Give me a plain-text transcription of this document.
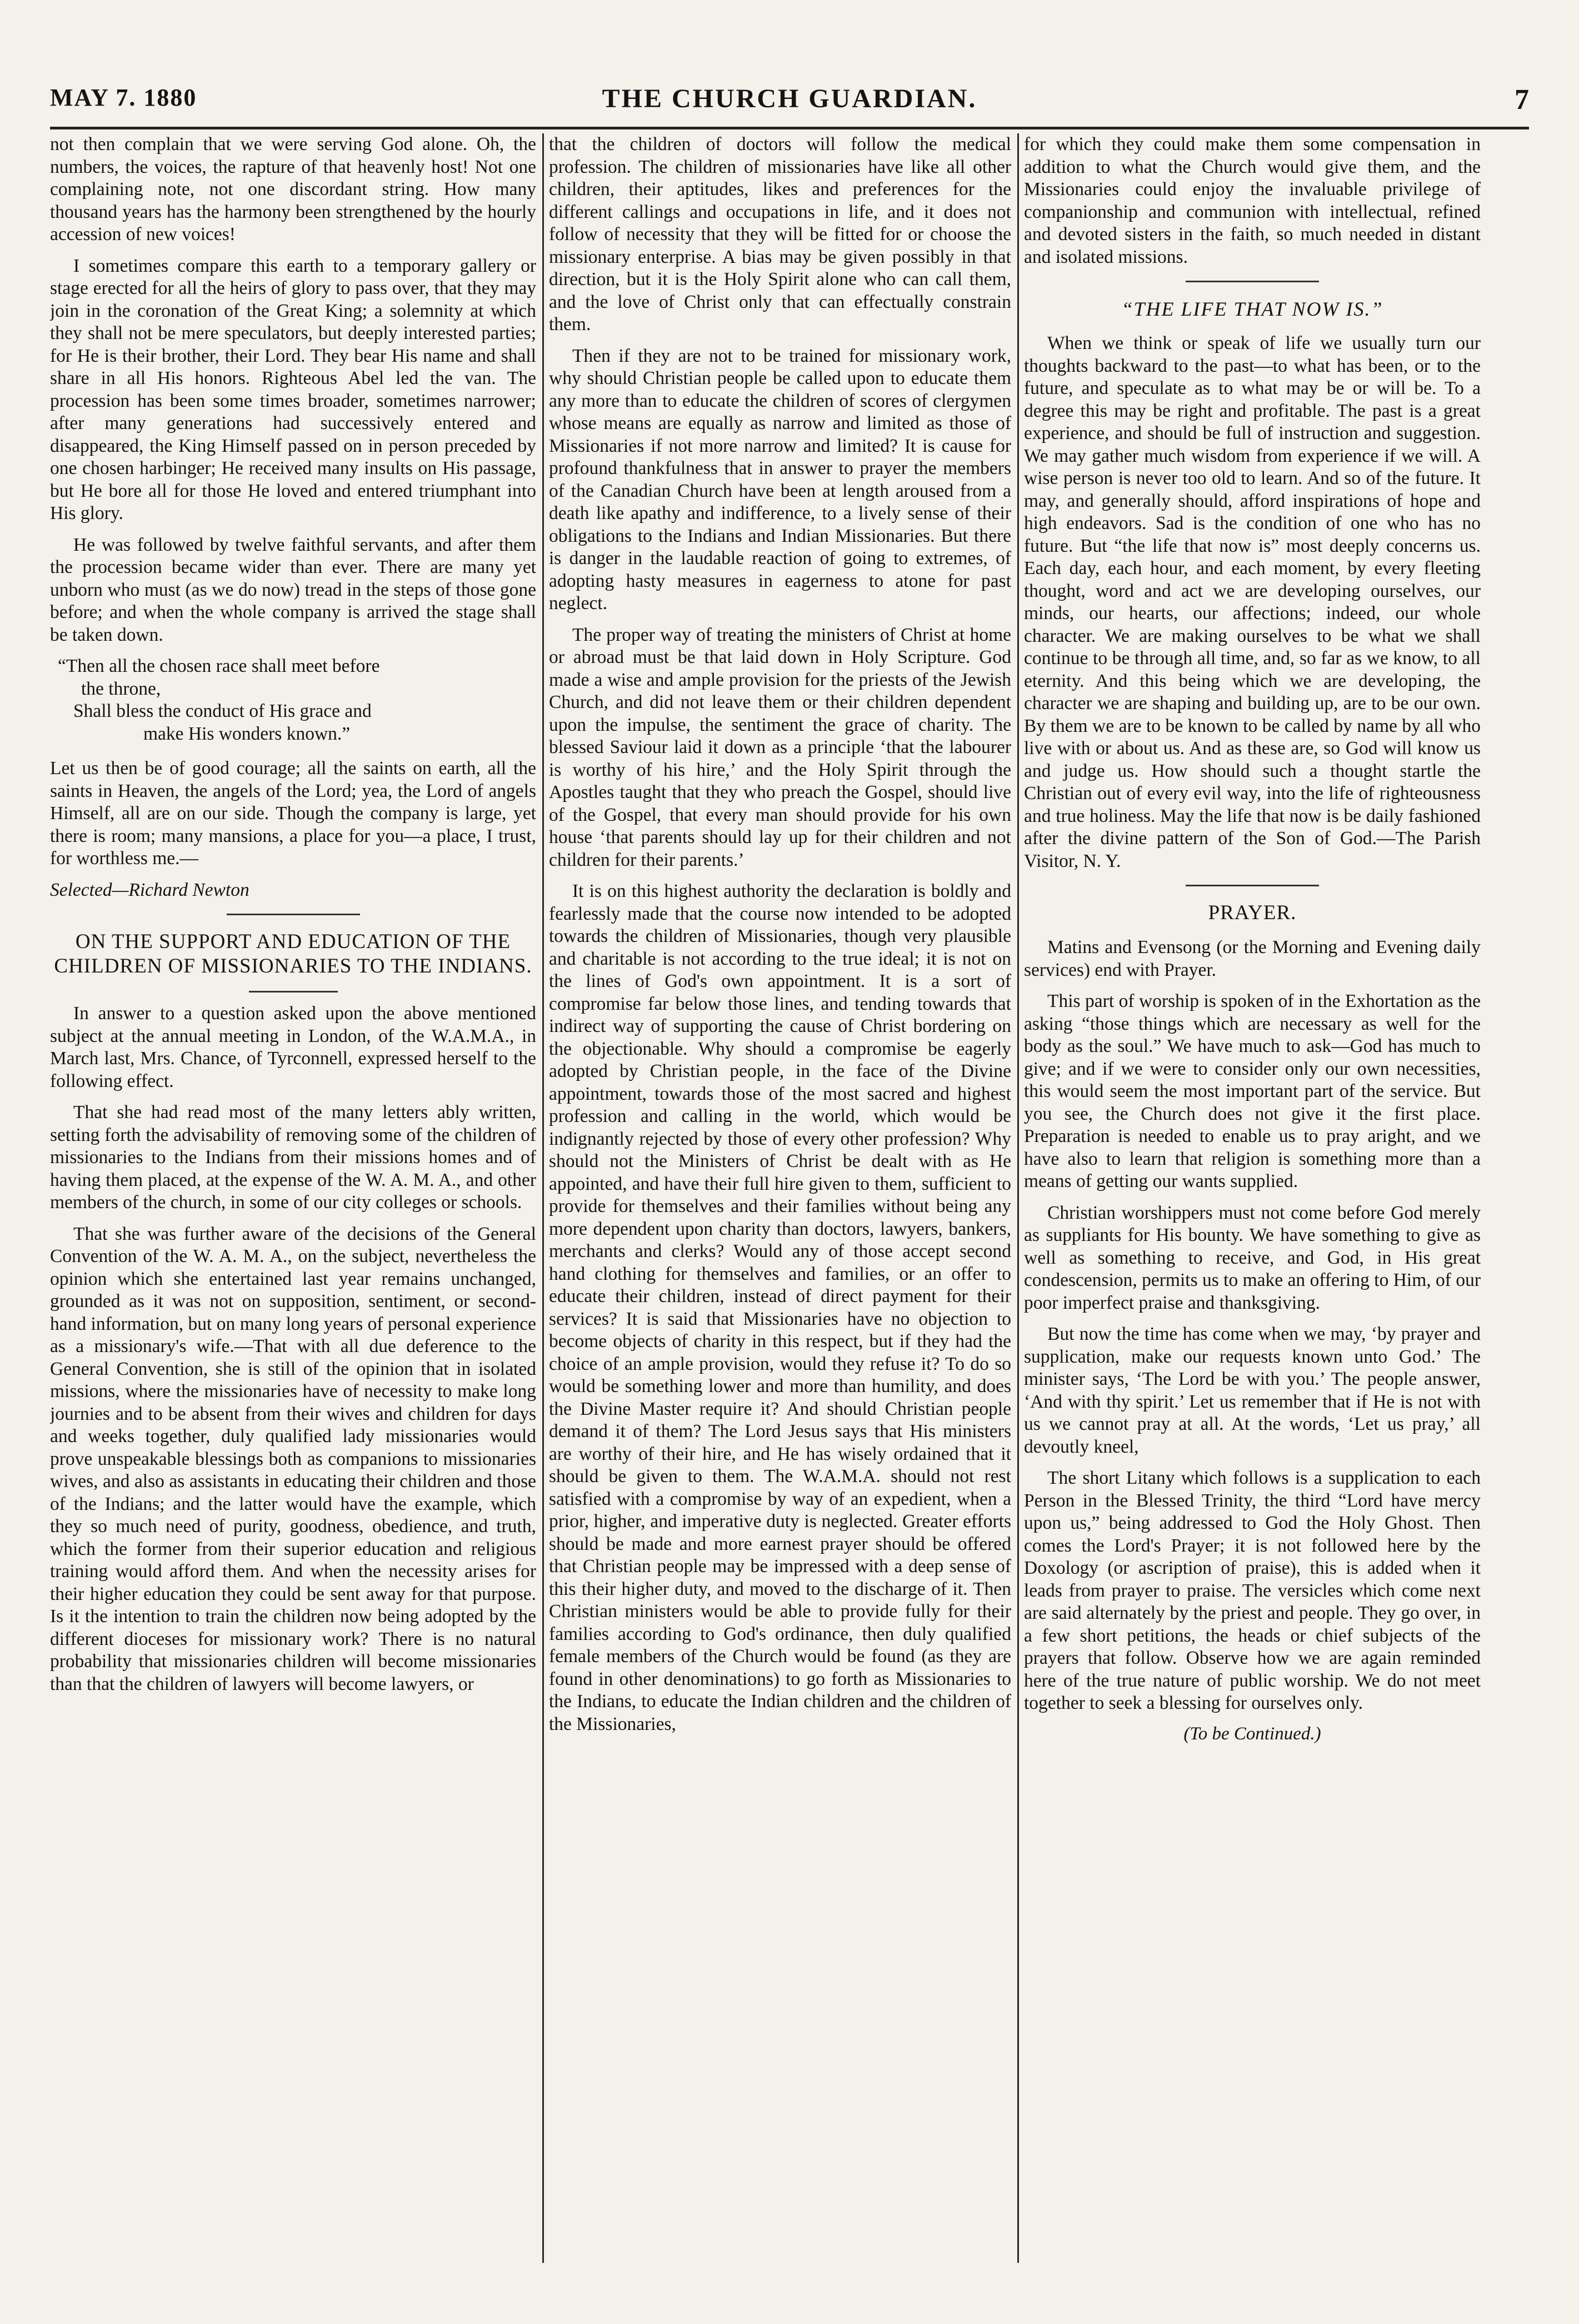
MAY 7. 1880	THE CHURCH GUARDIAN.	7

not then complain that we were serving God alone. Oh, the numbers, the voices, the rapture of that heavenly host! Not one complaining note, not one discordant string. How many thousand years has the harmony been strengthened by the hourly accession of new voices!

I sometimes compare this earth to a temporary gallery or stage erected for all the heirs of glory to pass over, that they may join in the coronation of the Great King; a solemnity at which they shall not be mere speculators, but deeply interested parties; for He is their brother, their Lord. They bear His name and shall share in all His honors. Righteous Abel led the van. The procession has been some times broader, sometimes narrower; after many generations had successively entered and disappeared, the King Himself passed on in person preceded by one chosen harbinger; He received many insults on His passage, but He bore all for those He loved and entered triumphant into His glory.

He was followed by twelve faithful servants, and after them the procession became wider than ever. There are many yet unborn who must (as we do now) tread in the steps of those gone before; and when the whole company is arrived the stage shall be taken down.

“Then all the chosen race shall meet before
the throne,
Shall bless the conduct of His grace and
make His wonders known.”

Let us then be of good courage; all the saints on earth, all the saints in Heaven, the angels of the Lord; yea, the Lord of angels Himself, all are on our side. Though the company is large, yet there is room; many mansions, a place for you—a place, I trust, for worthless me.—

Selected—Richard Newton

ON THE SUPPORT AND EDUCATION OF THE CHILDREN OF MISSIONARIES TO THE INDIANS.

In answer to a question asked upon the above mentioned subject at the annual meeting in London, of the W.A.M.A., in March last, Mrs. Chance, of Tyrconnell, expressed herself to the following effect.

That she had read most of the many letters ably written, setting forth the advisability of removing some of the children of missionaries to the Indians from their missions homes and of having them placed, at the expense of the W. A. M. A., and other members of the church, in some of our city colleges or schools.

That she was further aware of the decisions of the General Convention of the W. A. M. A., on the subject, nevertheless the opinion which she entertained last year remains unchanged, grounded as it was not on supposition, sentiment, or second-hand information, but on many long years of personal experience as a missionary's wife.—That with all due deference to the General Convention, she is still of the opinion that in isolated missions, where the missionaries have of necessity to make long journies and to be absent from their wives and children for days and weeks together, duly qualified lady missionaries would prove unspeakable blessings both as companions to missionaries wives, and also as assistants in educating their children and those of the Indians; and the latter would have the example, which they so much need of purity, goodness, obedience, and truth, which the former from their superior education and religious training would afford them. And when the necessity arises for their higher education they could be sent away for that purpose. Is it the intention to train the children now being adopted by the different dioceses for missionary work? There is no natural probability that missionaries children will become missionaries than that the children of lawyers will become lawyers, or

that the children of doctors will follow the medical profession. The children of missionaries have like all other children, their aptitudes, likes and preferences for the different callings and occupations in life, and it does not follow of necessity that they will be fitted for or choose the missionary enterprise. A bias may be given possibly in that direction, but it is the Holy Spirit alone who can call them, and the love of Christ only that can effectually constrain them.

Then if they are not to be trained for missionary work, why should Christian people be called upon to educate them any more than to educate the children of scores of clergymen whose means are equally as narrow and limited as those of Missionaries if not more narrow and limited? It is cause for profound thankfulness that in answer to prayer the members of the Canadian Church have been at length aroused from a death like apathy and indifference, to a lively sense of their obligations to the Indians and Indian Missionaries. But there is danger in the laudable reaction of going to extremes, of adopting hasty measures in eagerness to atone for past neglect.

The proper way of treating the ministers of Christ at home or abroad must be that laid down in Holy Scripture. God made a wise and ample provision for the priests of the Jewish Church, and did not leave them or their children dependent upon the impulse, the sentiment the grace of charity. The blessed Saviour laid it down as a principle ‘that the labourer is worthy of his hire,’ and the Holy Spirit through the Apostles taught that they who preach the Gospel, should live of the Gospel, that every man should provide for his own house ‘that parents should lay up for their children and not children for their parents.’

It is on this highest authority the declaration is boldly and fearlessly made that the course now intended to be adopted towards the children of Missionaries, though very plausible and charitable is not according to the true ideal; it is not on the lines of God's own appointment. It is a sort of compromise far below those lines, and tending towards that indirect way of supporting the cause of Christ bordering on the objectionable. Why should a compromise be eagerly adopted by Christian people, in the face of the Divine appointment, towards those of the most sacred and highest profession and calling in the world, which would be indignantly rejected by those of every other profession? Why should not the Ministers of Christ be dealt with as He appointed, and have their full hire given to them, sufficient to provide for themselves and their families without being any more dependent upon charity than doctors, lawyers, bankers, merchants and clerks? Would any of those accept second hand clothing for themselves and families, or an offer to educate their children, instead of direct payment for their services? It is said that Missionaries have no objection to become objects of charity in this respect, but if they had the choice of an ample provision, would they refuse it? To do so would be something lower and more than humility, and does the Divine Master require it? And should Christian people demand it of them? The Lord Jesus says that His ministers are worthy of their hire, and He has wisely ordained that it should be given to them. The W.A.M.A. should not rest satisfied with a compromise by way of an expedient, when a prior, higher, and imperative duty is neglected. Greater efforts should be made and more earnest prayer should be offered that Christian people may be impressed with a deep sense of this their higher duty, and moved to the discharge of it. Then Christian ministers would be able to provide fully for their families according to God's ordinance, then duly qualified female members of the Church would be found (as they are found in other denominations) to go forth as Missionaries to the Indians, to educate the Indian children and the children of the Missionaries,

for which they could make them some compensation in addition to what the Church would give them, and the Missionaries could enjoy the invaluable privilege of companionship and communion with intellectual, refined and devoted sisters in the faith, so much needed in distant and isolated missions.

“THE LIFE THAT NOW IS.”

When we think or speak of life we usually turn our thoughts backward to the past—to what has been, or to the future, and speculate as to what may be or will be. To a degree this may be right and profitable. The past is a great experience, and should be full of instruction and suggestion. We may gather much wisdom from experience if we will. A wise person is never too old to learn. And so of the future. It may, and generally should, afford inspirations of hope and high endeavors. Sad is the condition of one who has no future. But “the life that now is” most deeply concerns us. Each day, each hour, and each moment, by every fleeting thought, word and act we are developing ourselves, our minds, our hearts, our affections; indeed, our whole character. We are making ourselves to be what we shall continue to be through all time, and, so far as we know, to all eternity. And this being which we are developing, the character we are shaping and building up, are to be our own. By them we are to be known to be called by name by all who live with or about us. And as these are, so God will know us and judge us. How should such a thought startle the Christian out of every evil way, into the life of righteousness and true holiness. May the life that now is be daily fashioned after the divine pattern of the Son of God.—The Parish Visitor, N. Y.

PRAYER.

Matins and Evensong (or the Morning and Evening daily services) end with Prayer.

This part of worship is spoken of in the Exhortation as the asking “those things which are necessary as well for the body as the soul.” We have much to ask—God has much to give; and if we were to consider only our own necessities, this would seem the most important part of the service. But you see, the Church does not give it the first place. Preparation is needed to enable us to pray aright, and we have also to learn that religion is something more than a means of getting our wants supplied.

Christian worshippers must not come before God merely as suppliants for His bounty. We have something to give as well as something to receive, and God, in His great condescension, permits us to make an offering to Him, of our poor imperfect praise and thanksgiving.

But now the time has come when we may, ‘by prayer and supplication, make our requests known unto God.’ The minister says, ‘The Lord be with you.’ The people answer, ‘And with thy spirit.’ Let us remember that if He is not with us we cannot pray at all. At the words, ‘Let us pray,’ all devoutly kneel,

The short Litany which follows is a supplication to each Person in the Blessed Trinity, the third “Lord have mercy upon us,” being addressed to God the Holy Ghost. Then comes the Lord's Prayer; it is not followed here by the Doxology (or ascription of praise), this is added when it leads from prayer to praise. The versicles which come next are said alternately by the priest and people. They go over, in a few short petitions, the heads or chief subjects of the prayers that follow. Observe how we are again reminded here of the true nature of public worship. We do not meet together to seek a blessing for ourselves only.

(To be Continued.)
